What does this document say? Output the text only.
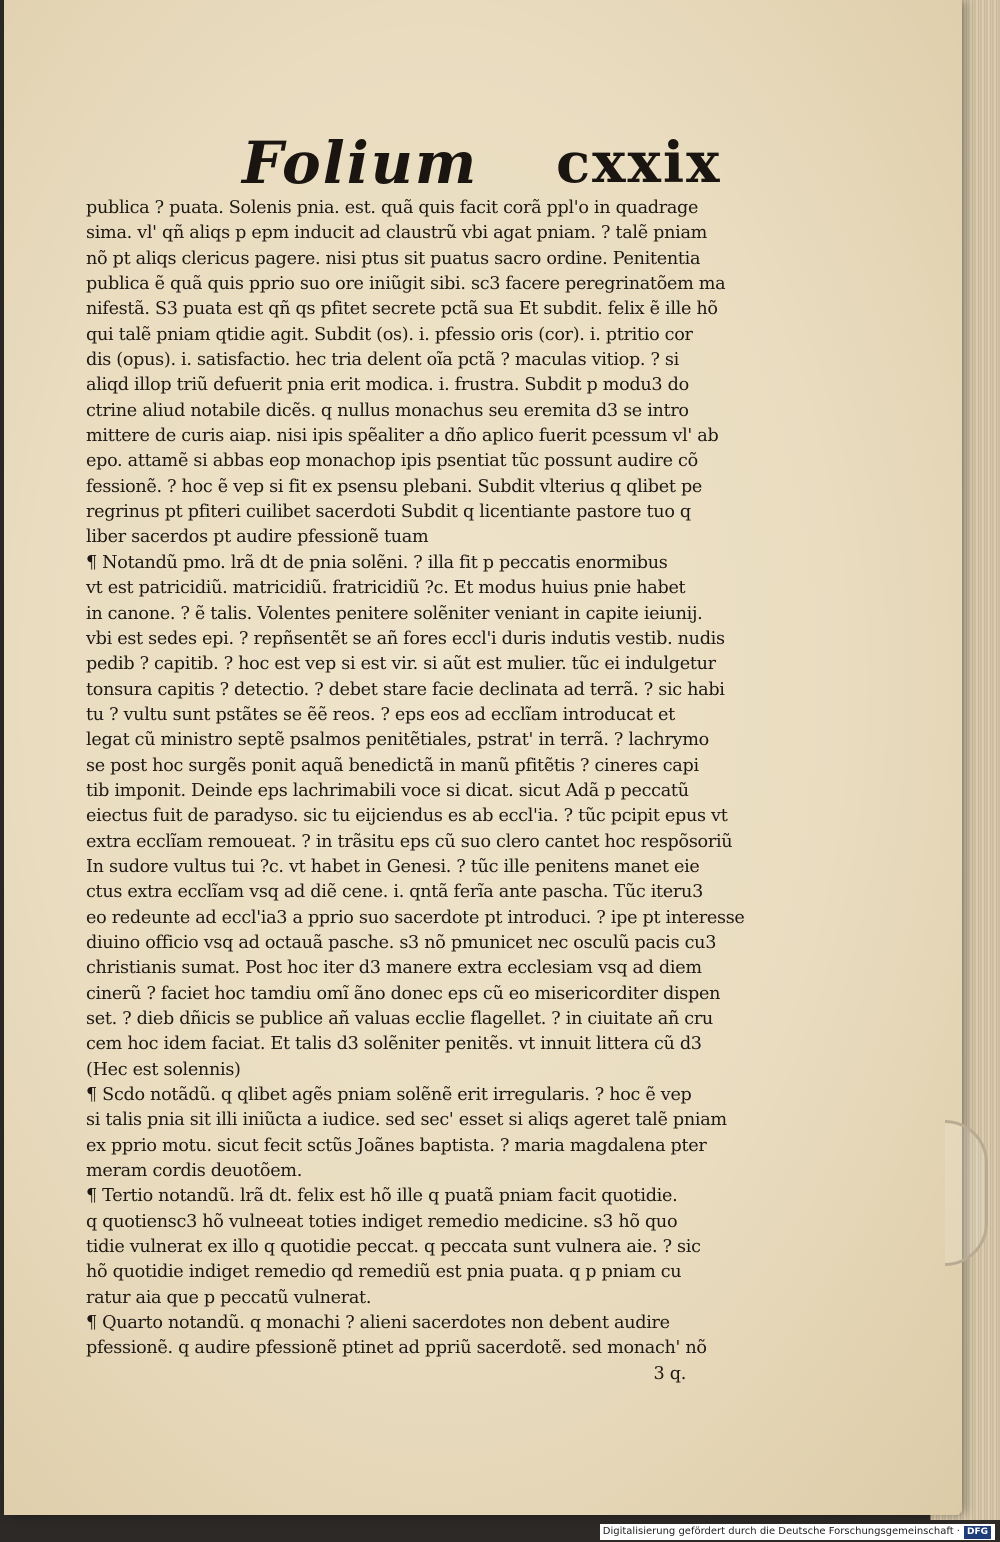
Folium cxxix
publica ? puata. Solenis pnia. est. quã quis facit corã ppl'o in quadrage
sima. vl' qñ aliqs p epm inducit ad claustrũ vbi agat pniam. ? talẽ pniam
nõ pt aliqs clericus pagere. nisi ptus sit puatus sacro ordine. Penitentia
publica ẽ quã quis pprio suo ore iniũgit sibi. sc3 facere peregrinatõem ma
nifestã. S3 puata est qñ qs pfitet secrete pctã sua Et subdit. felix ẽ ille hõ
qui talẽ pniam qtidie agit. Subdit (os). i. pfessio oris (cor). i. ptritio cor
dis (opus). i. satisfactio. hec tria delent oĩa pctã ? maculas vitiop. ? si
aliqd illop triũ defuerit pnia erit modica. i. frustra. Subdit p modu3 do
ctrine aliud notabile dicẽs. q nullus monachus seu eremita d3 se intro
mittere de curis aiap. nisi ipis spẽaliter a dño aplico fuerit pcessum vl' ab
epo. attamẽ si abbas eop monachop ipis psentiat tũc possunt audire cõ
fessionẽ. ? hoc ẽ vep si fit ex psensu plebani. Subdit vlterius q qlibet pe
regrinus pt pfiteri cuilibet sacerdoti Subdit q licentiante pastore tuo q
liber sacerdos pt audire pfessionẽ tuam
¶ Notandũ pmo. lrã dt de pnia solẽni. ? illa fit p peccatis enormibus
vt est patricidiũ. matricidiũ. fratricidiũ ?c. Et modus huius pnie habet
in canone. ? ẽ talis. Volentes penitere solẽniter veniant in capite ieiunij.
vbi est sedes epi. ? repñsentẽt se añ fores eccl'i duris indutis vestib. nudis
pedib ? capitib. ? hoc est vep si est vir. si aũt est mulier. tũc ei indulgetur
tonsura capitis ? detectio. ? debet stare facie declinata ad terrã. ? sic habi
tu ? vultu sunt pstãtes se ẽẽ reos. ? eps eos ad ecclĩam introducat et
legat cũ ministro septẽ psalmos penitẽtiales, pstrat' in terrã. ? lachrymo
se post hoc surgẽs ponit aquã benedictã in manũ pfitẽtis ? cineres capi
tib imponit. Deinde eps lachrimabili voce si dicat. sicut Adã p peccatũ
eiectus fuit de paradyso. sic tu eijciendus es ab eccl'ia. ? tũc pcipit epus vt
extra ecclĩam remoueat. ? in trãsitu eps cũ suo clero cantet hoc respõsoriũ
In sudore vultus tui ?c. vt habet in Genesi. ? tũc ille penitens manet eie
ctus extra ecclĩam vsq ad diẽ cene. i. qntã ferĩa ante pascha. Tũc iteru3
eo redeunte ad eccl'ia3 a pprio suo sacerdote pt introduci. ? ipe pt interesse
diuino officio vsq ad octauã pasche. s3 nõ pmunicet nec osculũ pacis cu3
christianis sumat. Post hoc iter d3 manere extra ecclesiam vsq ad diem
cinerũ ? faciet hoc tamdiu omĩ ãno donec eps cũ eo misericorditer dispen
set. ? dieb dñicis se publice añ valuas ecclie flagellet. ? in ciuitate añ cru
cem hoc idem faciat. Et talis d3 solẽniter penitẽs. vt innuit littera cũ d3
(Hec est solennis)
¶ Scdo notãdũ. q qlibet agẽs pniam solẽnẽ erit irregularis. ? hoc ẽ vep
si talis pnia sit illi iniũcta a iudice. sed sec' esset si aliqs ageret talẽ pniam
ex pprio motu. sicut fecit sctũs Joãnes baptista. ? maria magdalena pter
meram cordis deuotõem.
¶ Tertio notandũ. lrã dt. felix est hõ ille q puatã pniam facit quotidie.
q quotiensc3 hõ vulneeat toties indiget remedio medicine. s3 hõ quo
tidie vulnerat ex illo q quotidie peccat. q peccata sunt vulnera aie. ? sic
hõ quotidie indiget remedio qd remediũ est pnia puata. q p pniam cu
ratur aia que p peccatũ vulnerat.
¶ Quarto notandũ. q monachi ? alieni sacerdotes non debent audire
pfessionẽ. q audire pfessionẽ ptinet ad ppriũ sacerdotẽ. sed monach' nõ
3 q.
Digitalisierung gefördert durch die Deutsche Forschungsgemeinschaft · DFG
